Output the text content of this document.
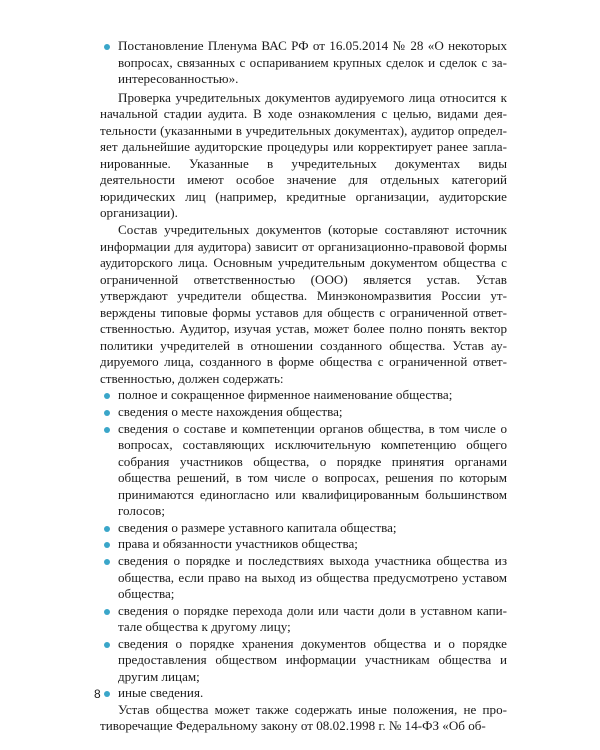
Постановление Пленума ВАС РФ от 16.05.2014 № 28 «О некоторых вопросах, связанных с оспариванием крупных сделок и сделок с заинтересованностью».

Проверка учредительных документов аудируемого лица относится к начальной стадии аудита. В ходе ознакомления с целью, видами деятельности (указанными в учредительных документах), аудитор определяет дальнейшие аудиторские процедуры или корректирует ранее запланированные. Указанные в учредительных документах виды деятельности имеют особое значение для отдельных категорий юридических лиц (например, кредитные организации, аудиторские организации).

Состав учредительных документов (которые составляют источник информации для аудитора) зависит от организационно-правовой формы аудиторского лица. Основным учредительным документом общества с ограниченной ответственностью (ООО) является устав. Устав утверждают учредители общества. Минэкономразвития России утверждены типовые формы уставов для обществ с ограниченной ответственностью. Аудитор, изучая устав, может более полно понять вектор политики учредителей в отношении созданного общества. Устав аудируемого лица, созданного в форме общества с ограниченной ответственностью, должен содержать:

полное и сокращенное фирменное наименование общества;
сведения о месте нахождения общества;
сведения о составе и компетенции органов общества, в том числе о вопросах, составляющих исключительную компетенцию общего собрания участников общества, о порядке принятия органами общества решений, в том числе о вопросах, решения по которым принимаются единогласно или квалифицированным большинством голосов;
сведения о размере уставного капитала общества;
права и обязанности участников общества;
сведения о порядке и последствиях выхода участника общества из общества, если право на выход из общества предусмотрено уставом общества;
сведения о порядке перехода доли или части доли в уставном капитале общества к другому лицу;
сведения о порядке хранения документов общества и о порядке предоставления обществом информации участникам общества и другим лицам;
иные сведения.

Устав общества может также содержать иные положения, не противоречащие Федеральному закону от 08.02.1998 г. № 14-ФЗ «Об об-

8
